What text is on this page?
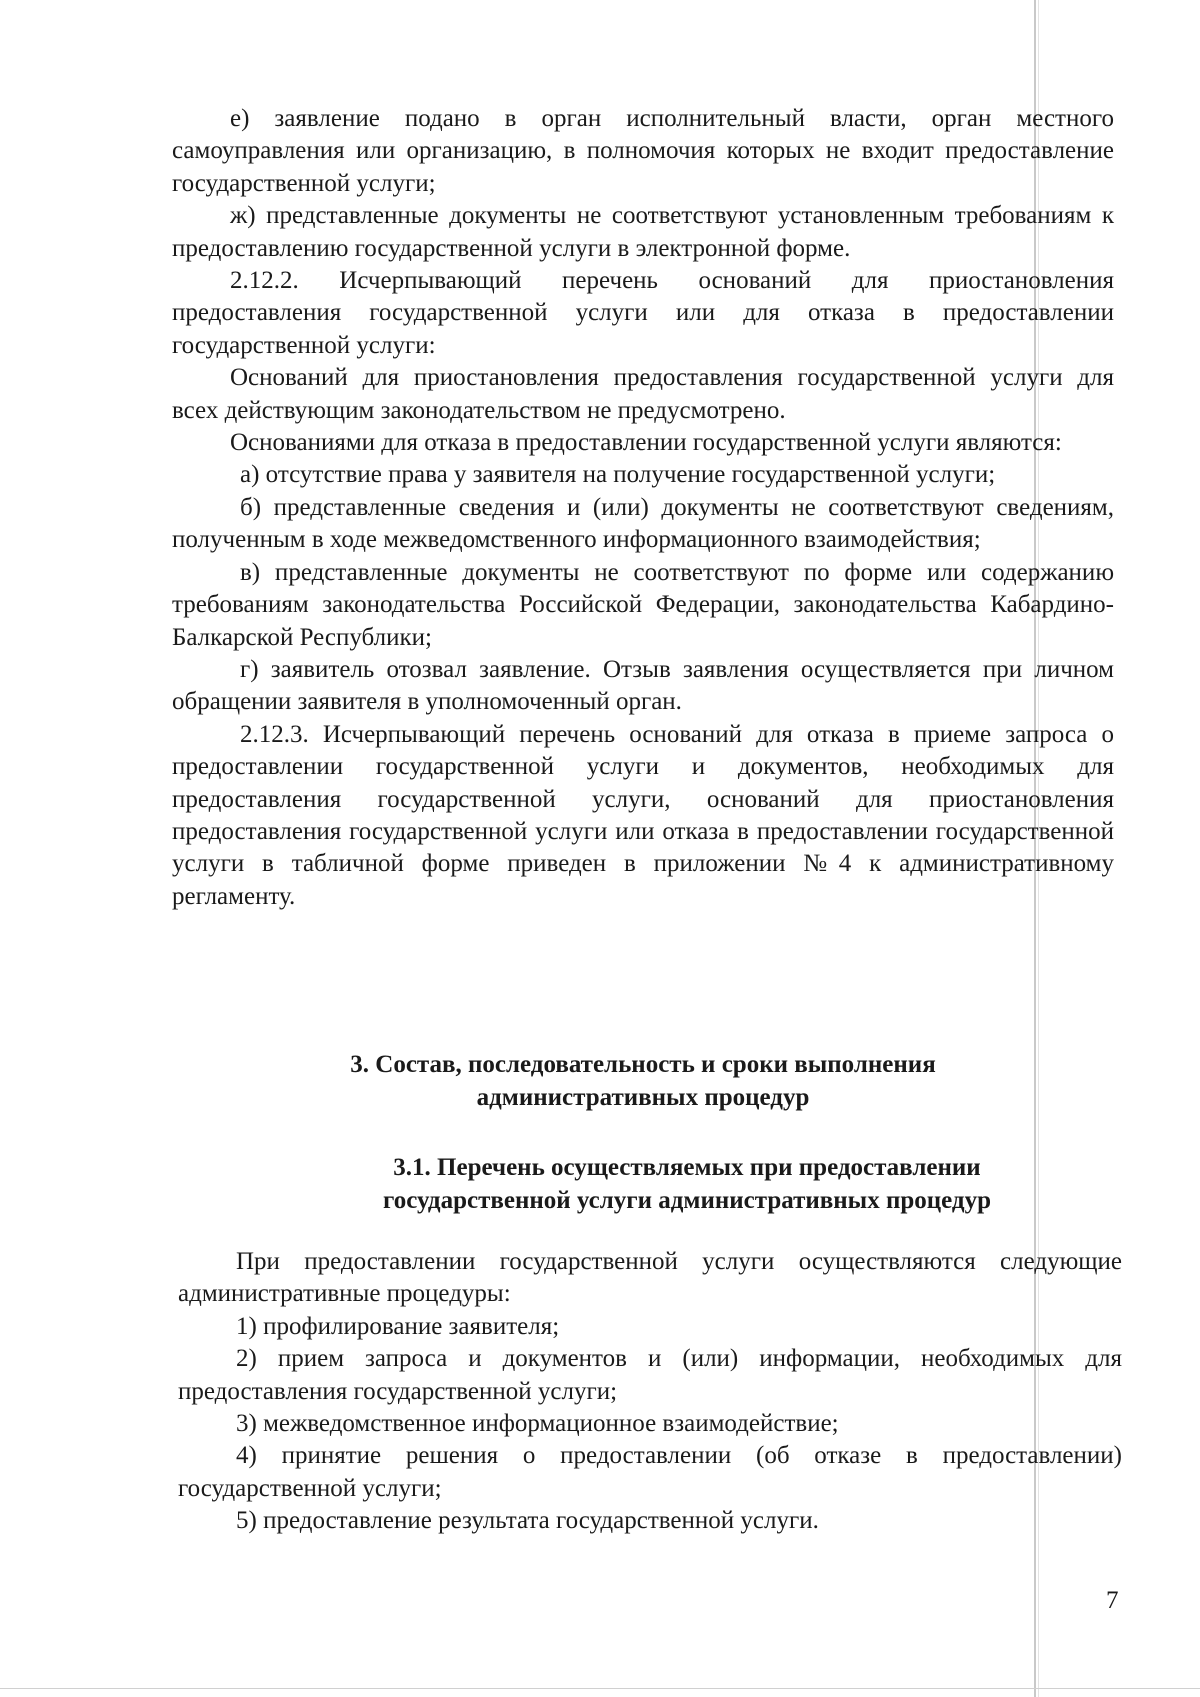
е) заявление подано в орган исполнительный власти, орган местного самоуправления или организацию, в полномочия которых не входит предоставление государственной услуги;

ж) представленные документы не соответствуют установленным требованиям к предоставлению государственной услуги в электронной форме.

2.12.2. Исчерпывающий перечень оснований для приостановления предоставления государственной услуги или для отказа в предоставлении государственной услуги:

Оснований для приостановления предоставления государственной услуги для всех действующим законодательством не предусмотрено.

Основаниями для отказа в предоставлении государственной услуги являются:

а) отсутствие права у заявителя на получение государственной услуги;

б) представленные сведения и (или) документы не соответствуют сведениям, полученным в ходе межведомственного информационного взаимодействия;

в) представленные документы не соответствуют по форме или содержанию требованиям законодательства Российской Федерации, законодательства Кабардино-Балкарской Республики;

г) заявитель отозвал заявление. Отзыв заявления осуществляется при личном обращении заявителя в уполномоченный орган.

2.12.3. Исчерпывающий перечень оснований для отказа в приеме запроса о предоставлении государственной услуги и документов, необходимых для предоставления государственной услуги, оснований для приостановления предоставления государственной услуги или отказа в предоставлении государственной услуги в табличной форме приведен в приложении №4 к административному регламенту.

3. Состав, последовательность и сроки выполнения
административных процедур

3.1. Перечень осуществляемых при предоставлении
государственной услуги административных процедур

При предоставлении государственной услуги осуществляются следующие административные процедуры:

1) профилирование заявителя;

2) прием запроса и документов и (или) информации, необходимых для предоставления государственной услуги;

3) межведомственное информационное взаимодействие;

4) принятие решения о предоставлении (об отказе в предоставлении) государственной услуги;

5) предоставление результата государственной услуги.

7
